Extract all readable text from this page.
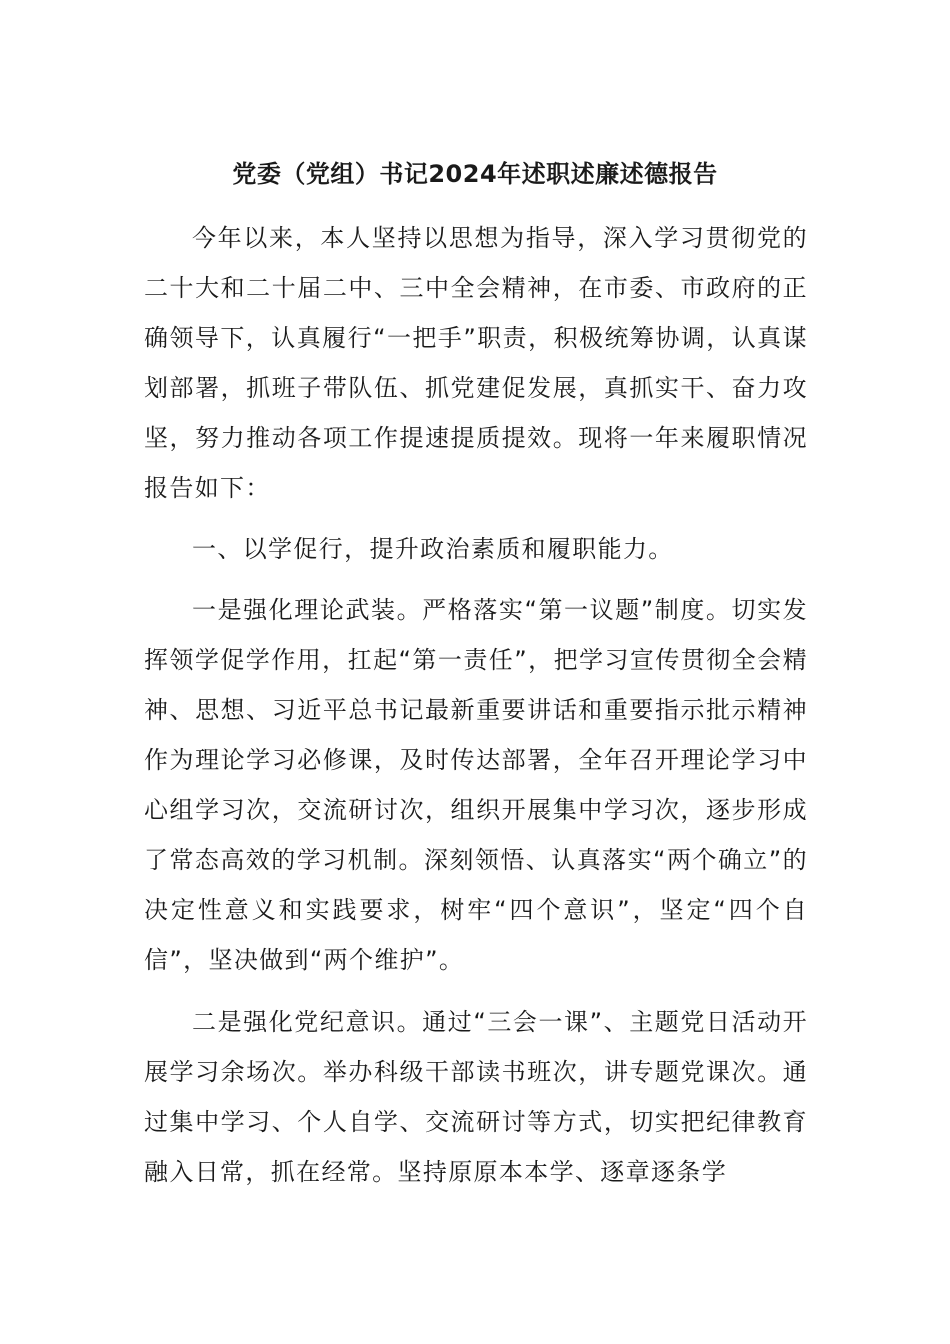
党委（党组）书记2024年述职述廉述德报告

今年以来，本人坚持以思想为指导，深入学习贯彻党的二十大和二十届二中、三中全会精神，在市委、市政府的正确领导下，认真履行“一把手”职责，积极统筹协调，认真谋划部署，抓班子带队伍、抓党建促发展，真抓实干、奋力攻坚，努力推动各项工作提速提质提效。现将一年来履职情况报告如下：

一、以学促行，提升政治素质和履职能力。

一是强化理论武装。严格落实“第一议题”制度。切实发挥领学促学作用，扛起“第一责任”，把学习宣传贯彻全会精神、思想、习近平总书记最新重要讲话和重要指示批示精神作为理论学习必修课，及时传达部署，全年召开理论学习中心组学习次，交流研讨次，组织开展集中学习次，逐步形成了常态高效的学习机制。深刻领悟、认真落实“两个确立”的决定性意义和实践要求，树牢“四个意识”，坚定“四个自信”，坚决做到“两个维护”。

二是强化党纪意识。通过“三会一课”、主题党日活动开展学习余场次。举办科级干部读书班次，讲专题党课次。通过集中学习、个人自学、交流研讨等方式，切实把纪律教育融入日常，抓在经常。坚持原原本本学、逐章逐条学
